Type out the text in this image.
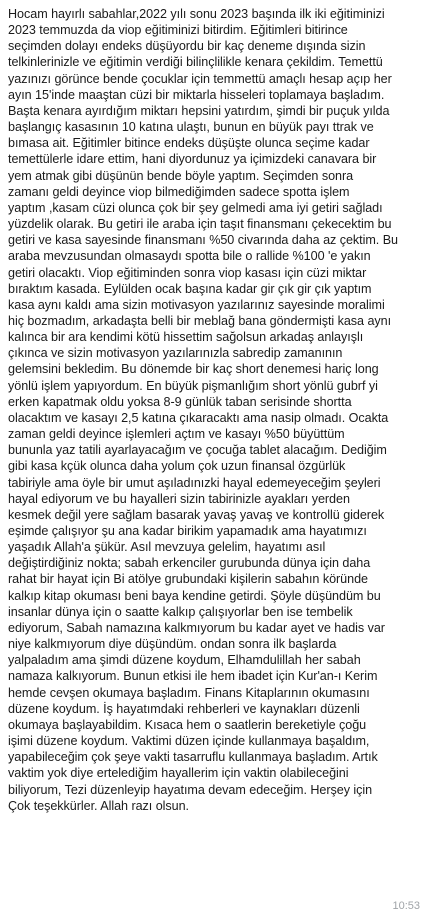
Hocam hayırlı sabahlar,2022 yılı sonu 2023 başında ilk iki eğitiminizi
2023 temmuzda da viop eğitiminizi bitirdim. Eğitimleri bitirince
seçimden dolayı endeks düşüyordu bir kaç deneme dışında sizin
telkinlerinizle ve eğitimin verdiği bilinçlilikle kenara çekildim. Temettü
yazınızı görünce bende çocuklar için temmettü amaçlı hesap açıp her
ayın 15'inde maaştan cüzi bir miktarla hisseleri toplamaya başladım.
Başta kenara ayırdığım miktarı hepsini yatırdım, şimdi bir puçuk yılda
başlangıç kasasının 10 katına ulaştı, bunun en büyük payı ttrak ve
bımasa ait. Eğitimler bitince endeks düşüşte olunca seçime kadar
temettülerle idare ettim, hani diyordunuz ya içimizdeki canavara bir
yem atmak gibi düşünün bende böyle yaptım. Seçimden sonra
zamanı geldi deyince viop bilmediğimden sadece spotta işlem
yaptım ,kasam cüzi olunca çok bir şey gelmedi ama iyi getiri sağladı
yüzdelik olarak. Bu getiri ile araba için taşıt finansmanı çekecektim bu
getiri ve kasa sayesinde finansmanı %50 civarında daha az çektim. Bu
araba mevzusundan olmasaydı spotta bile o rallide %100 'e yakın
getiri olacaktı. Viop eğitiminden sonra viop kasası için cüzi miktar
bıraktım kasada. Eylülden ocak başına kadar gir çık gir çık yaptım
kasa aynı kaldı ama sizin motivasyon yazılarınız sayesinde moralimi
hiç bozmadım, arkadaşta belli bir meblağ bana göndermişti kasa aynı
kalınca bir ara kendimi kötü hissettim sağolsun arkadaş anlayışlı
çıkınca ve sizin motivasyon yazılarınızla sabredip zamanının
gelemsini bekledim. Bu dönemde bir kaç short denemesi hariç long
yönlü işlem yapıyordum. En büyük pişmanlığım short yönlü gubrf yi
erken kapatmak oldu yoksa 8-9 günlük taban serisinde shortta
olacaktım ve kasayı 2,5 katına çıkaracaktı ama nasip olmadı. Ocakta
zaman geldi deyince işlemleri açtım ve kasayı %50 büyüttüm
bununla yaz tatili ayarlayacağım ve çocuğa tablet alacağım. Dediğim
gibi kasa kçük olunca daha yolum çok uzun finansal özgürlük
tabiriyle ama öyle bir umut aşıladınızki hayal edemeyeceğim şeyleri
hayal ediyorum ve bu hayalleri sizin tabirinizle ayakları yerden
kesmek değil yere sağlam basarak yavaş yavaş ve kontrollü giderek
eşimde çalışıyor şu ana kadar birikim yapamadık ama hayatımızı
yaşadık Allah'a şükür. Asıl mevzuya gelelim, hayatımı asıl
değiştirdiğiniz nokta; sabah erkenciler gurubunda dünya için daha
rahat bir hayat için Bi atölye grubundaki kişilerin sabahın köründe
kalkıp kitap okuması beni baya kendine getirdi. Şöyle düşündüm bu
insanlar dünya için o saatte kalkıp çalışıyorlar ben ise tembelik
ediyorum, Sabah namazına kalkmıyorum bu kadar ayet ve hadis var
niye kalkmıyorum diye düşündüm. ondan sonra ilk başlarda
yalpaladım ama şimdi düzene koydum, Elhamdulillah her sabah
namaza kalkıyorum. Bunun etkisi ile hem ibadet için Kur'an-ı Kerim
hemde cevşen okumaya başladım. Finans Kitaplarının okumasını
düzene koydum. İş hayatımdaki rehberleri ve kaynakları düzenli
okumaya başlayabildim. Kısaca hem o saatlerin bereketiyle çoğu
işimi düzene koydum. Vaktimi düzen içinde kullanmaya başaldım,
yapabileceğim çok şeye vakti tasarruflu kullanmaya başladım. Artık
vaktim yok diye ertelediğim hayallerim için vaktin olabileceğini
biliyorum, Tezi düzenleyip hayatıma devam edeceğim. Herşey için
Çok teşekkürler. Allah razı olsun.

10:53
